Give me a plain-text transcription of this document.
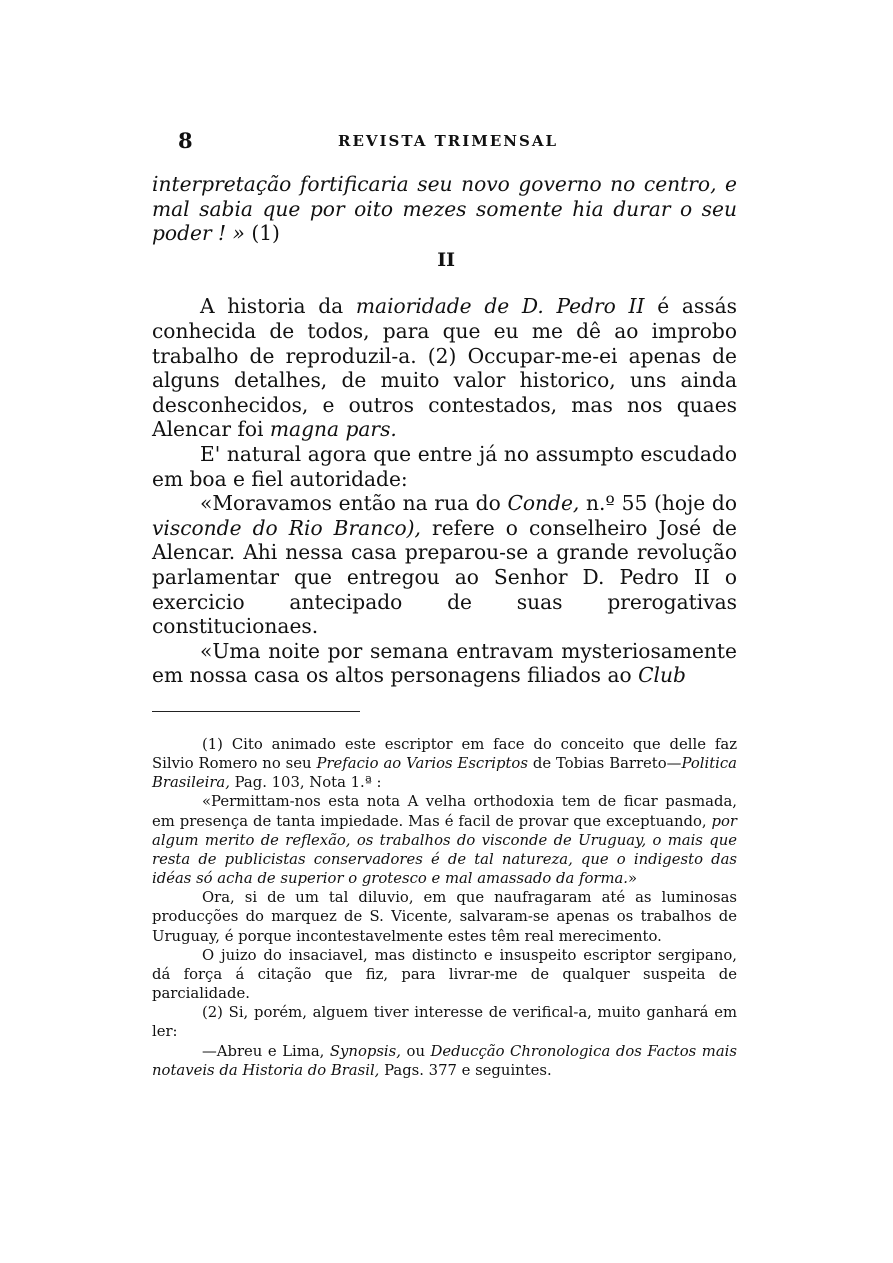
8	REVISTA TRIMENSAL

interpretação fortificaria seu novo governo no centro, e mal sabia que por oito mezes somente hia durar o seu poder ! » (1)

II

A historia da maioridade de D. Pedro II é assás conhecida de todos, para que eu me dê ao improbo trabalho de reproduzil-a. (2) Occupar-me-ei apenas de alguns detalhes, de muito valor historico, uns ainda desconhecidos, e outros contestados, mas nos quaes Alencar foi magna pars.

E' natural agora que entre já no assumpto escudado em boa e fiel autoridade:

«Moravamos então na rua do Conde, n.º 55 (hoje do visconde do Rio Branco), refere o conselheiro José de Alencar. Ahi nessa casa preparou-se a grande revolução parlamentar que entregou ao Senhor D. Pedro II o exercicio antecipado de suas prerogativas constitucionaes.

«Uma noite por semana entravam mysteriosamente em nossa casa os altos personagens filiados ao Club

(1) Cito animado este escriptor em face do conceito que delle faz Silvio Romero no seu Prefacio ao Varios Escriptos de Tobias Barreto—Politica Brasileira, Pag. 103, Nota 1.ª :

«Permittam-nos esta nota A velha orthodoxia tem de ficar pasmada, em presença de tanta impiedade. Mas é facil de provar que exceptuando, por algum merito de reflexão, os trabalhos do visconde de Uruguay, o mais que resta de publicistas conservadores é de tal natureza, que o indigesto das idéas só acha de superior o grotesco e mal amassado da forma.»

Ora, si de um tal diluvio, em que naufragaram até as luminosas producções do marquez de S. Vicente, salvaram-se apenas os trabalhos de Uruguay, é porque incontestavelmente estes têm real merecimento.

O juizo do insaciavel, mas distincto e insuspeito escriptor sergipano, dá força á citação que fiz, para livrar-me de qualquer suspeita de parcialidade.

(2) Si, porém, alguem tiver interesse de verifical-a, muito ganhará em ler:

—Abreu e Lima, Synopsis, ou Deducção Chronologica dos Factos mais notaveis da Historia do Brasil, Pags. 377 e seguintes.
